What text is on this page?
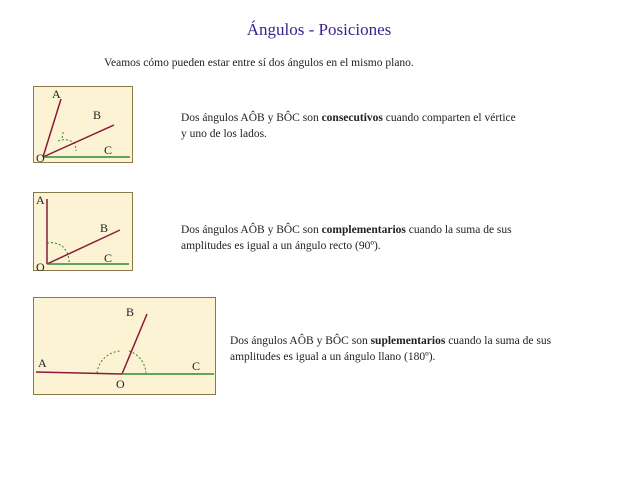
Ángulos - Posiciones
Veamos cómo pueden estar entre sí dos ángulos en el mismo plano.
A
B
C
O
Dos ángulos AÔB y BÔC son consecutivos cuando comparten el vértice
y uno de los lados.
A
B
C
O
Dos ángulos AÔB y BÔC son complementarios cuando la suma de sus
amplitudes es igual a un ángulo recto (90º).
A
B
C
O
Dos ángulos AÔB y BÔC son suplementarios cuando la suma de sus
amplitudes es igual a un ángulo llano (180º).
